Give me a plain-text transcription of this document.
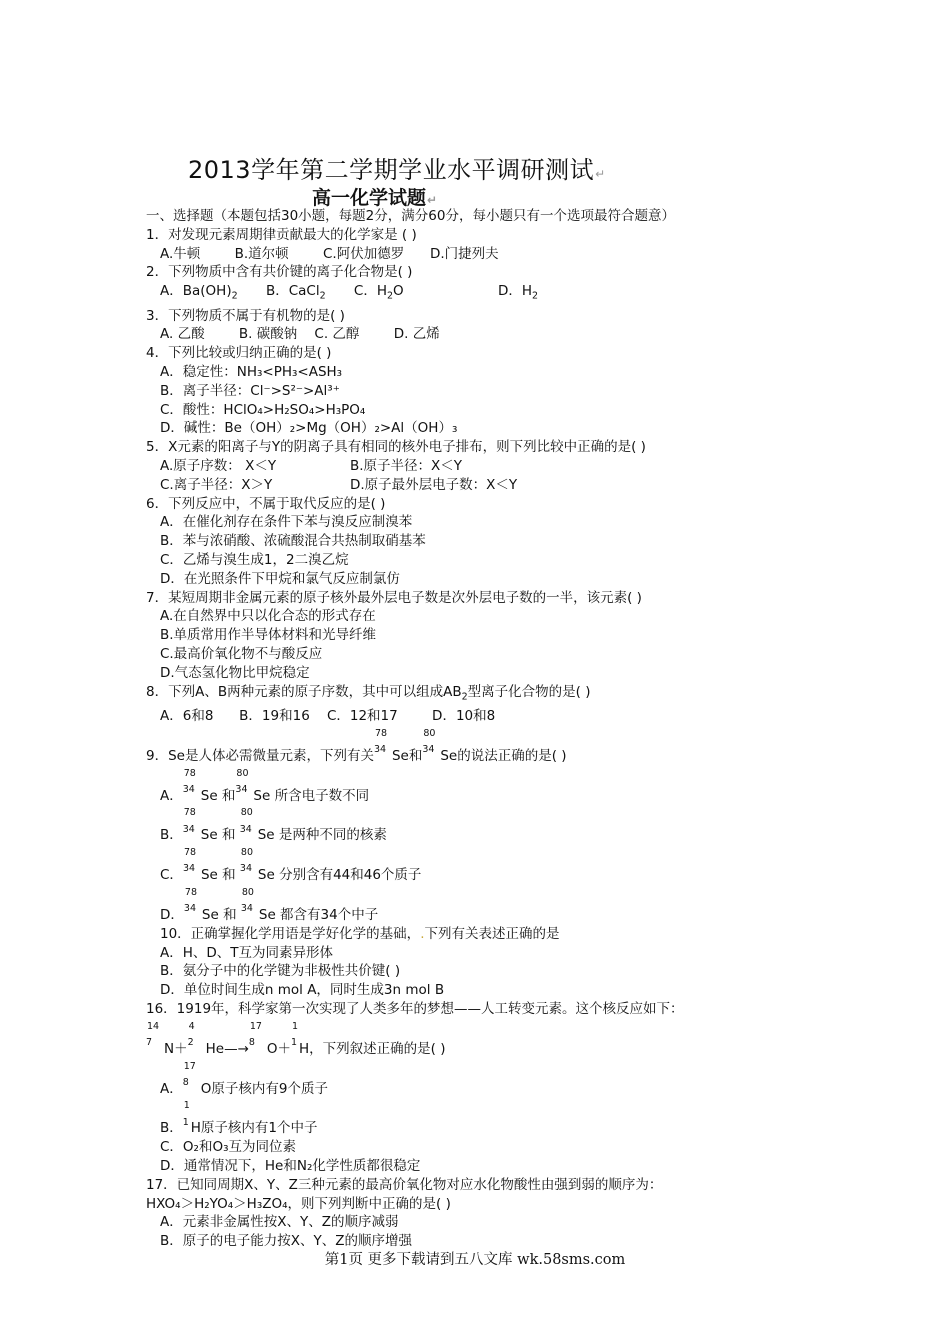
2013学年第二学期学业水平调研测试↵
高一化学试题↵
一、选择题（本题包括30小题，每题2分，满分60分，每小题只有一个选项最符合题意）
1．对发现元素周期律贡献最大的化学家是 ( )
A.牛顿        B.道尔顿        C.阿伏加德罗      D.门捷列夫
2．下列物质中含有共价键的离子化合物是( )
A．$Ba(OH)_2$ B．CaCl$_2$ C．$H_2O$	D．$H_2$
3．下列物质不属于有机物的是( )
A. 乙酸        B. 碳酸钠    C. 乙醇        D. 乙烯
4．下列比较或归纳正确的是( )
A．稳定性：NH₃<PH₃<ASH₃
B．离子半径：Cl⁻>S²⁻>Al³⁺
C．酸性：HClO₄>H₂SO₄>H₃PO₄
D．碱性：Be（OH）₂>Mg（OH）₂>Al（OH）₃
5．X元素的阳离子与Y的阴离子具有相同的核外电子排布，则下列比较中正确的是( )
A.原子序数： X＜Y	B.原子半径：X＜Y
C.离子半径：X＞Y	D.原子最外层电子数：X＜Y
6．下列反应中，不属于取代反应的是( )
A．在催化剂存在条件下苯与溴反应制溴苯
B．苯与浓硝酸、浓硫酸混合共热制取硝基苯
C．乙烯与溴生成1，2二溴乙烷
D．在光照条件下甲烷和氯气反应制氯仿
7．某短周期非金属元素的原子核外最外层电子数是次外层电子数的一半，该元素( )
A.在自然界中只以化合态的形式存在
B.单质常用作半导体材料和光导纤维
C.最高价氧化物不与酸反应
D.气态氢化物比甲烷稳定
8．下列A、B两种元素的原子序数，其中可以组成$AB_2$型离子化合物的是( )
A．6和8      B．19和16    C．12和17        D．10和8
9．Se是人体必需微量元素，下列有关
78
34 Se和
80
34 Se的说法正确的是( )
A．
78
34 Se 和
80
34 Se 所含电子数不同
B．
78
34 Se 和
80
34 Se 是两种不同的核素
C．
78
34 Se 和
80
34 Se 分别含有44和46个质子
D．
78
34 Se 和
80
34 Se 都含有34个中子
10．正确掌握化学用语是学好化学的基础，.下列有关表述正确的是
A．H、D、T互为同素异形体
B．氨分子中的化学键为非极性共价键( )
D．单位时间生成n mol A，同时生成3n mol B
16．1919年，科学家第一次实现了人类多年的梦想——人工转变元素。这个核反应如下：
14
7 N＋
4
2 He—→
17
8 O＋
1
1 H，下列叙述正确的是( )
A．
17
8 O原子核内有9个质子
B．
1
1 H原子核内有1个中子
C．O₂和O₃互为同位素
D．通常情况下，He和N₂化学性质都很稳定
17．已知同周期X、Y、Z三种元素的最高价氧化物对应水化物酸性由强到弱的顺序为：
HXO₄＞H₂YO₄＞H₃ZO₄，则下列判断中正确的是( )
A．元素非金属性按X、Y、Z的顺序减弱
B．原子的电子能力按X、Y、Z的顺序增强
第1页 更多下载请到五八文库 wk.58sms.com
